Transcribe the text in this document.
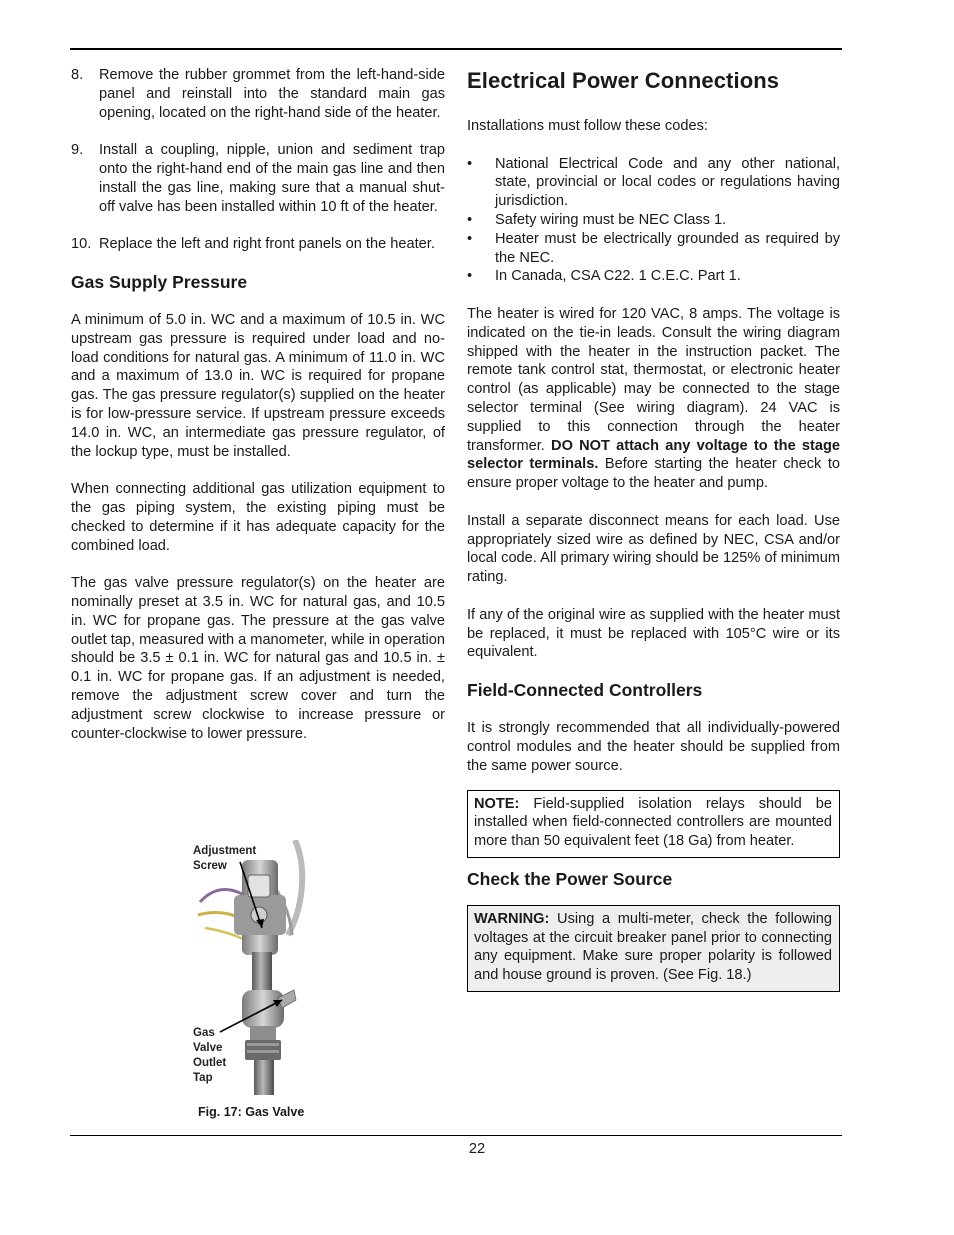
8. Remove the rubber grommet from the left-hand-side panel and reinstall into the standard main gas opening, located on the right-hand side of the heater.
9. Install a coupling, nipple, union and sediment trap onto the right-hand end of the main gas line and then install the gas line, making sure that a manual shut-off valve has been installed within 10 ft of the heater.
10. Replace the left and right front panels on the heater.
Gas Supply Pressure

A minimum of 5.0 in. WC and a maximum of 10.5 in. WC upstream gas pressure is required under load and no-load conditions for natural gas. A minimum of 11.0 in. WC and a maximum of 13.0 in. WC is required for propane gas. The gas pressure regulator(s) supplied on the heater is for low-pressure service. If upstream pressure exceeds 14.0 in. WC, an intermediate gas pressure regulator, of the lockup type, must be installed.

When connecting additional gas utilization equipment to the gas piping system, the existing piping must be checked to determine if it has adequate capacity for the combined load.

The gas valve pressure regulator(s) on the heater are nominally preset at 3.5 in. WC for natural gas, and 10.5 in. WC for propane gas. The pressure at the gas valve outlet tap, measured with a manometer, while in operation should be 3.5 ± 0.1 in. WC for natural gas and 10.5 in. ± 0.1 in. WC for propane gas. If an adjustment is needed, remove the adjustment screw cover and turn the adjustment screw clockwise to increase pressure or counter-clockwise to lower pressure.

Adjustment
Screw
Gas
Valve
Outlet
Tap
Fig. 17: Gas Valve
Electrical Power Connections

Installations must follow these codes:

• National Electrical Code and any other national, state, provincial or local codes or regulations having jurisdiction.
• Safety wiring must be NEC Class 1.
• Heater must be electrically grounded as required by the NEC.
• In Canada, CSA C22. 1 C.E.C. Part 1.

The heater is wired for 120 VAC, 8 amps. The voltage is indicated on the tie-in leads. Consult the wiring diagram shipped with the heater in the instruction packet. The remote tank control stat, thermostat, or electronic heater control (as applicable) may be connected to the stage selector terminal (See wiring diagram). 24 VAC is supplied to this connection through the heater transformer. DO NOT attach any voltage to the stage selector terminals. Before starting the heater check to ensure proper voltage to the heater and pump.

Install a separate disconnect means for each load. Use appropriately sized wire as defined by NEC, CSA and/or local code. All primary wiring should be 125% of minimum rating.

If any of the original wire as supplied with the heater must be replaced, it must be replaced with 105°C wire or its equivalent.

Field-Connected Controllers

It is strongly recommended that all individually-powered control modules and the heater should be supplied from the same power source.

NOTE: Field-supplied isolation relays should be installed when field-connected controllers are mounted more than 50 equivalent feet (18 Ga) from heater.
Check the Power Source
WARNING: Using a multi-meter, check the following voltages at the circuit breaker panel prior to connecting any equipment. Make sure proper polarity is followed and house ground is proven. (See Fig. 18.)
22
